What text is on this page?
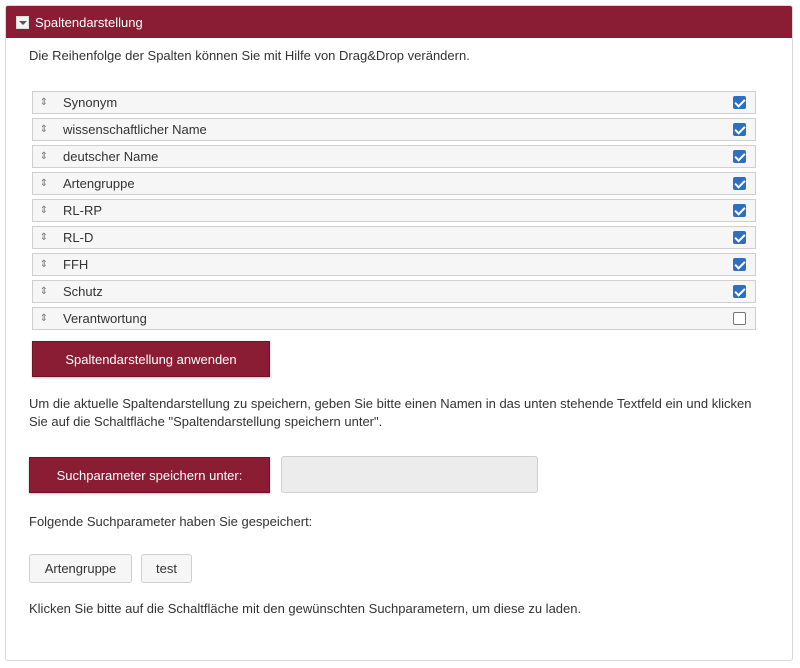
Spaltendarstellung
Die Reihenfolge der Spalten können Sie mit Hilfe von Drag&Drop verändern.
⇕	Synonym
⇕	wissenschaftlicher Name
⇕	deutscher Name
⇕	Artengruppe
⇕	RL-RP
⇕	RL-D
⇕	FFH
⇕	Schutz
⇕	Verantwortung
Spaltendarstellung anwenden
Um die aktuelle Spaltendarstellung zu speichern, geben Sie bitte einen Namen in das unten stehende Textfeld ein und klicken Sie auf die Schaltfläche "Spaltendarstellung speichern unter".
Suchparameter speichern unter:
Folgende Suchparameter haben Sie gespeichert:
Artengruppe	test
Klicken Sie bitte auf die Schaltfläche mit den gewünschten Suchparametern, um diese zu laden.
